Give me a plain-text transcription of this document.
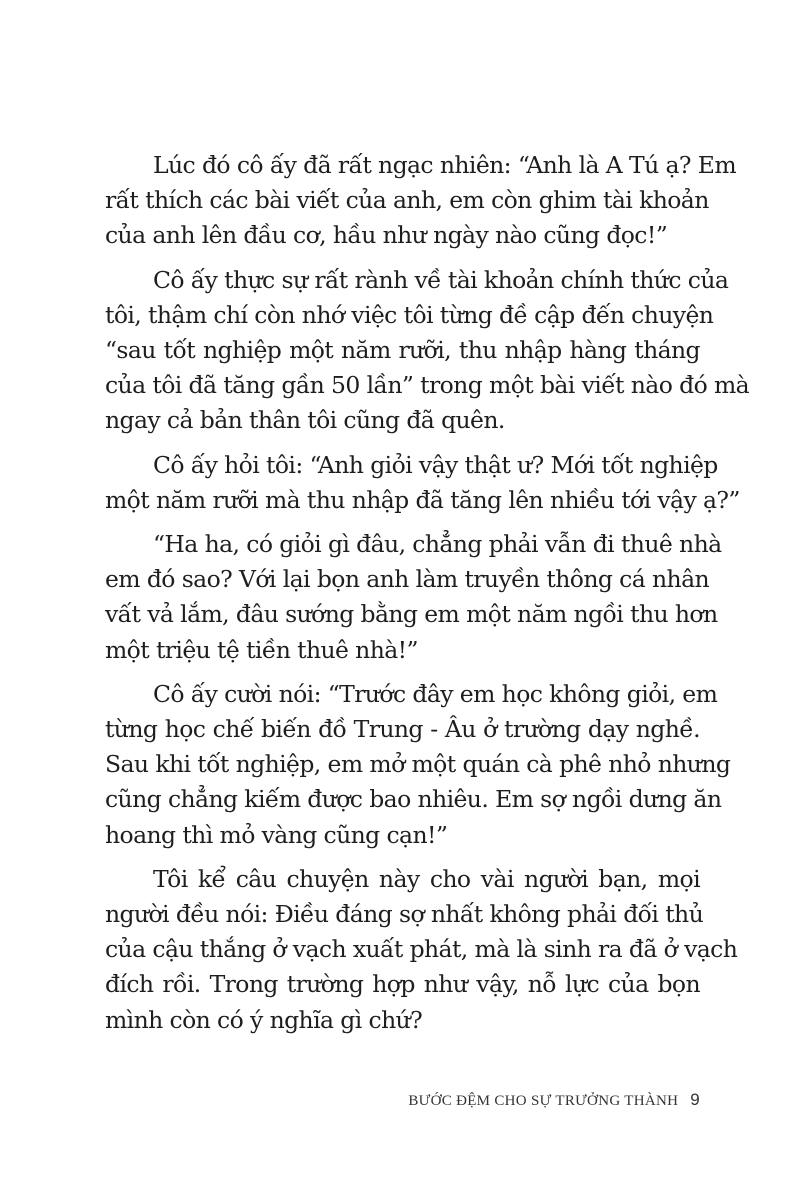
Lúc đó cô ấy đã rất ngạc nhiên: “Anh là A Tú ạ? Em
rất thích các bài viết của anh, em còn ghim tài khoản
của anh lên đầu cơ, hầu như ngày nào cũng đọc!”

Cô ấy thực sự rất rành về tài khoản chính thức của
tôi, thậm chí còn nhớ việc tôi từng đề cập đến chuyện
“sau tốt nghiệp một năm rưỡi, thu nhập hàng tháng
của tôi đã tăng gần 50 lần” trong một bài viết nào đó mà
ngay cả bản thân tôi cũng đã quên.

Cô ấy hỏi tôi: “Anh giỏi vậy thật ư? Mới tốt nghiệp
một năm rưỡi mà thu nhập đã tăng lên nhiều tới vậy ạ?”

“Ha ha, có giỏi gì đâu, chẳng phải vẫn đi thuê nhà
em đó sao? Với lại bọn anh làm truyền thông cá nhân
vất vả lắm, đâu sướng bằng em một năm ngồi thu hơn
một triệu tệ tiền thuê nhà!”

Cô ấy cười nói: “Trước đây em học không giỏi, em
từng học chế biến đồ Trung - Âu ở trường dạy nghề.
Sau khi tốt nghiệp, em mở một quán cà phê nhỏ nhưng
cũng chẳng kiếm được bao nhiêu. Em sợ ngồi dưng ăn
hoang thì mỏ vàng cũng cạn!”

Tôi kể câu chuyện này cho vài người bạn, mọi
người đều nói: Điều đáng sợ nhất không phải đối thủ
của cậu thắng ở vạch xuất phát, mà là sinh ra đã ở vạch
đích rồi. Trong trường hợp như vậy, nỗ lực của bọn
mình còn có ý nghĩa gì chứ?

BƯỚC ĐỆM CHO SỰ TRƯỞNG THÀNH 9
